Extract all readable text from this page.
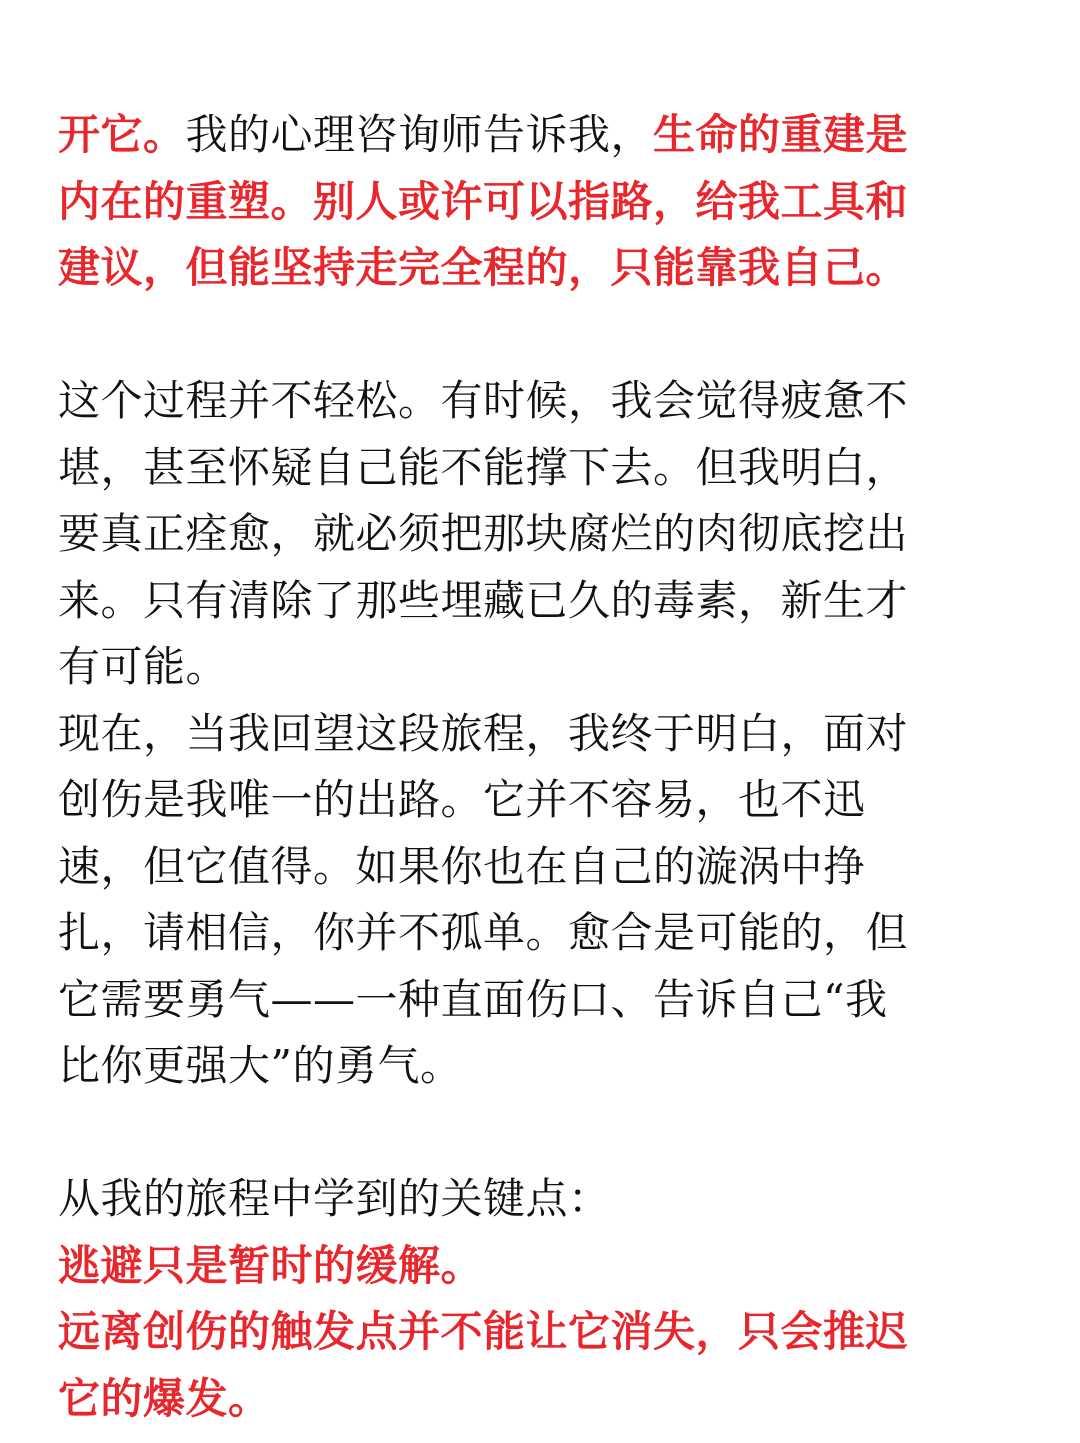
开它。我的心理咨询师告诉我，生命的重建是
内在的重塑。别人或许可以指路，给我工具和
建议，但能坚持走完全程的，只能靠我自己。
这个过程并不轻松。有时候，我会觉得疲惫不
堪，甚至怀疑自己能不能撑下去。但我明白，
要真正痊愈，就必须把那块腐烂的肉彻底挖出
来。只有清除了那些埋藏已久的毒素，新生才
有可能。
现在，当我回望这段旅程，我终于明白，面对
创伤是我唯一的出路。它并不容易，也不迅
速，但它值得。如果你也在自己的漩涡中挣
扎，请相信，你并不孤单。愈合是可能的，但
它需要勇气——一种直面伤口、告诉自己“我
比你更强大”的勇气。
从我的旅程中学到的关键点：
逃避只是暂时的缓解。
远离创伤的触发点并不能让它消失，只会推迟
它的爆发。
